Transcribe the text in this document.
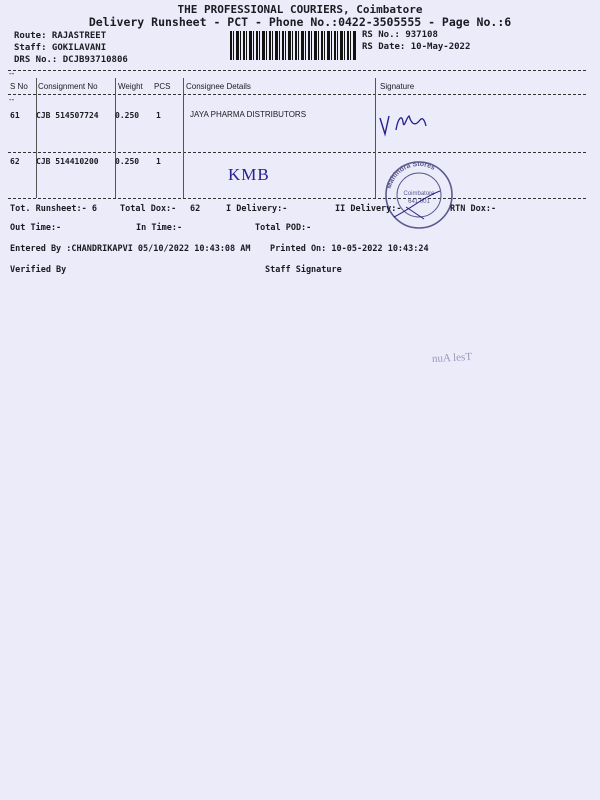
THE PROFESSIONAL COURIERS, Coimbatore
Delivery Runsheet - PCT - Phone No.:0422-3505555 - Page No.:6
Route: RAJASTREET
Staff: GOKILAVANI
DRS No.: DCJB93710806
RS No.: 937108
RS Date: 10-May-2022
--
--
S No Consignment No	Weight PCS Consignee Details	Signature
61 CJB 514507724 0.250 1	JAYA PHARMA DISTRIBUTORS
62 CJB 514410200 0.250 1
KMB
Mahindra Stores
Coimbatore
641 001
Tot. Runsheet:- 6	Total Dox:- 62	I Delivery:-	II Delivery:-	RTN Dox:-
Out Time:-	In Time:-	Total POD:-
Entered By :CHANDRIKAPVI 05/10/2022 10:43:08 AM Printed On: 10-05-2022 10:43:24
Verified By	Staff Signature
nuA lesT
